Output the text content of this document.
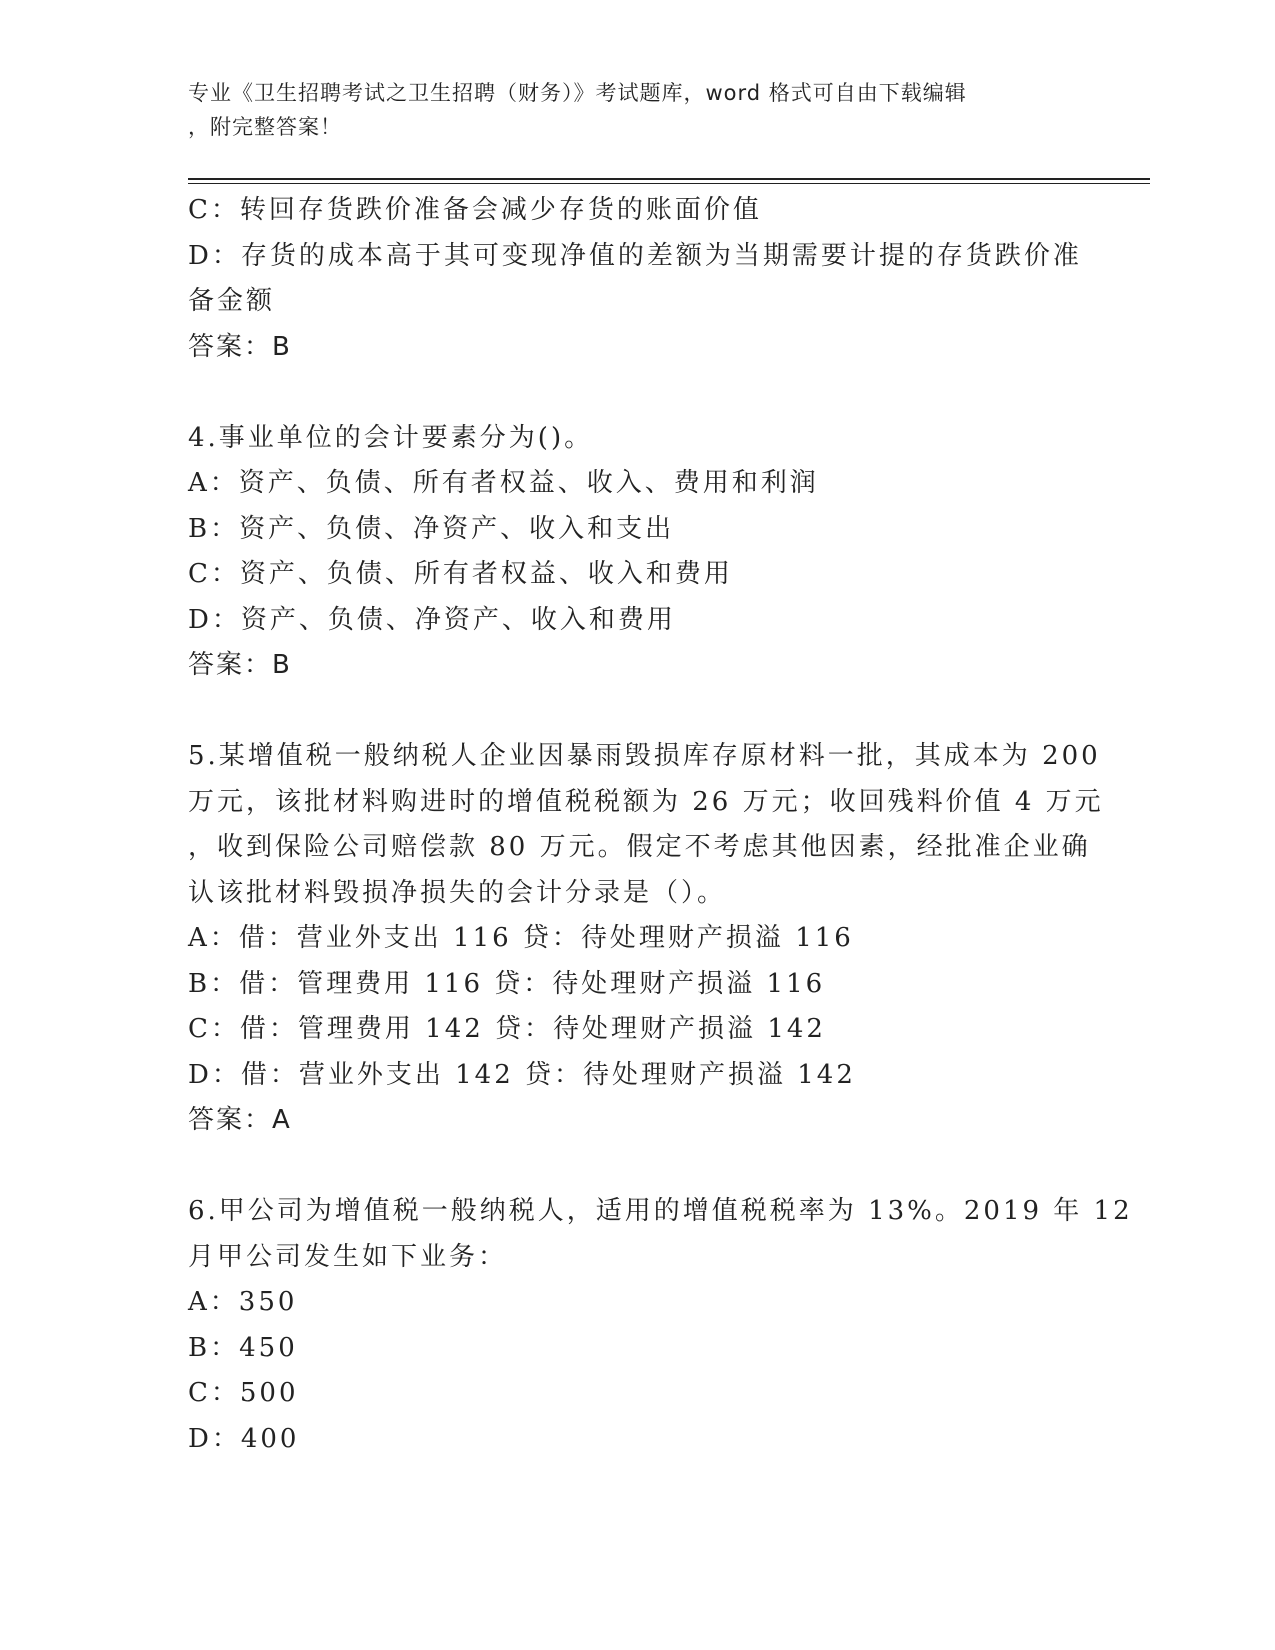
专业《卫生招聘考试之卫生招聘（财务）》考试题库，word 格式可自由下载编辑
，附完整答案！

C：转回存货跌价准备会减少存货的账面价值

D：存货的成本高于其可变现净值的差额为当期需要计提的存货跌价准

备金额

答案：B

4.事业单位的会计要素分为()。

A：资产、负债、所有者权益、收入、费用和利润

B：资产、负债、净资产、收入和支出

C：资产、负债、所有者权益、收入和费用

D：资产、负债、净资产、收入和费用

答案：B

5.某增值税一般纳税人企业因暴雨毁损库存原材料一批，其成本为 200

万元，该批材料购进时的增值税税额为 26 万元；收回残料价值 4 万元

，收到保险公司赔偿款 80 万元。假定不考虑其他因素，经批准企业确

认该批材料毁损净损失的会计分录是（）。

A：借：营业外支出 116 贷：待处理财产损溢 116

B：借：管理费用 116 贷：待处理财产损溢 116

C：借：管理费用 142 贷：待处理财产损溢 142

D：借：营业外支出 142 贷：待处理财产损溢 142

答案：A

6.甲公司为增值税一般纳税人，适用的增值税税率为 13%。2019 年 12

月甲公司发生如下业务：

A：350

B：450

C：500

D：400
